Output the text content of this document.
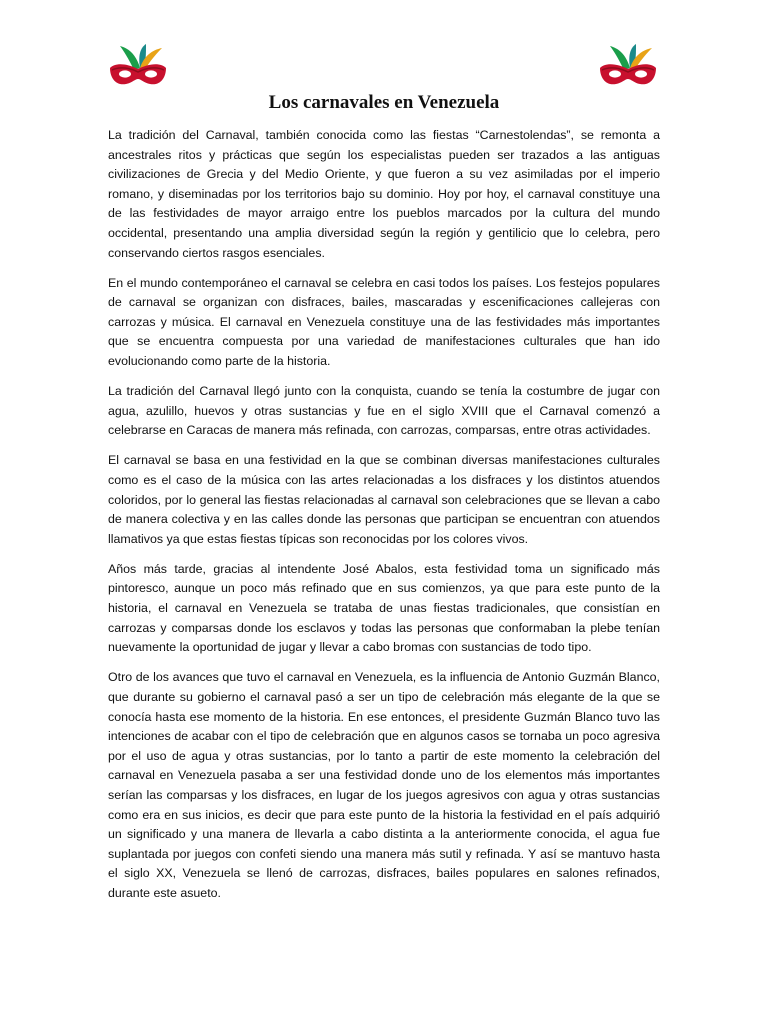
Los carnavales en Venezuela

La tradición del Carnaval, también conocida como las fiestas “Carnestolendas”, se remonta a ancestrales ritos y prácticas que según los especialistas pueden ser trazados a las antiguas civilizaciones de Grecia y del Medio Oriente, y que fueron a su vez asimiladas por el imperio romano, y diseminadas por los territorios bajo su dominio. Hoy por hoy, el carnaval constituye una de las festividades de mayor arraigo entre los pueblos marcados por la cultura del mundo occidental, presentando una amplia diversidad según la región y gentilicio que lo celebra, pero conservando ciertos rasgos esenciales.

En el mundo contemporáneo el carnaval se celebra en casi todos los países. Los festejos populares de carnaval se organizan con disfraces, bailes, mascaradas y escenificaciones callejeras con carrozas y música. El carnaval en Venezuela constituye una de las festividades más importantes que se encuentra compuesta por una variedad de manifestaciones culturales que han ido evolucionando como parte de la historia.

La tradición del Carnaval llegó junto con la conquista, cuando se tenía la costumbre de jugar con agua, azulillo, huevos y otras sustancias y fue en el siglo XVIII que el Carnaval comenzó a celebrarse en Caracas de manera más refinada, con carrozas, comparsas, entre otras actividades.

El carnaval se basa en una festividad en la que se combinan diversas manifestaciones culturales como es el caso de la música con las artes relacionadas a los disfraces y los distintos atuendos coloridos, por lo general las fiestas relacionadas al carnaval son celebraciones que se llevan a cabo de manera colectiva y en las calles donde las personas que participan se encuentran con atuendos llamativos ya que estas fiestas típicas son reconocidas por los colores vivos.

Años más tarde, gracias al intendente José Abalos, esta festividad toma un significado más pintoresco, aunque un poco más refinado que en sus comienzos, ya que para este punto de la historia, el carnaval en Venezuela se trataba de unas fiestas tradicionales, que consistían en carrozas y comparsas donde los esclavos y todas las personas que conformaban la plebe tenían nuevamente la oportunidad de jugar y llevar a cabo bromas con sustancias de todo tipo.

Otro de los avances que tuvo el carnaval en Venezuela, es la influencia de Antonio Guzmán Blanco, que durante su gobierno el carnaval pasó a ser un tipo de celebración más elegante de la que se conocía hasta ese momento de la historia. En ese entonces, el presidente Guzmán Blanco tuvo las intenciones de acabar con el tipo de celebración que en algunos casos se tornaba un poco agresiva por el uso de agua y otras sustancias, por lo tanto a partir de este momento la celebración del carnaval en Venezuela pasaba a ser una festividad donde uno de los elementos más importantes serían las comparsas y los disfraces, en lugar de los juegos agresivos con agua y otras sustancias como era en sus inicios, es decir que para este punto de la historia la festividad en el país adquirió un significado y una manera de llevarla a cabo distinta a la anteriormente conocida, el agua fue suplantada por juegos con confeti siendo una manera más sutil y refinada. Y así se mantuvo hasta el siglo XX, Venezuela se llenó de carrozas, disfraces, bailes populares en salones refinados, durante este asueto.
